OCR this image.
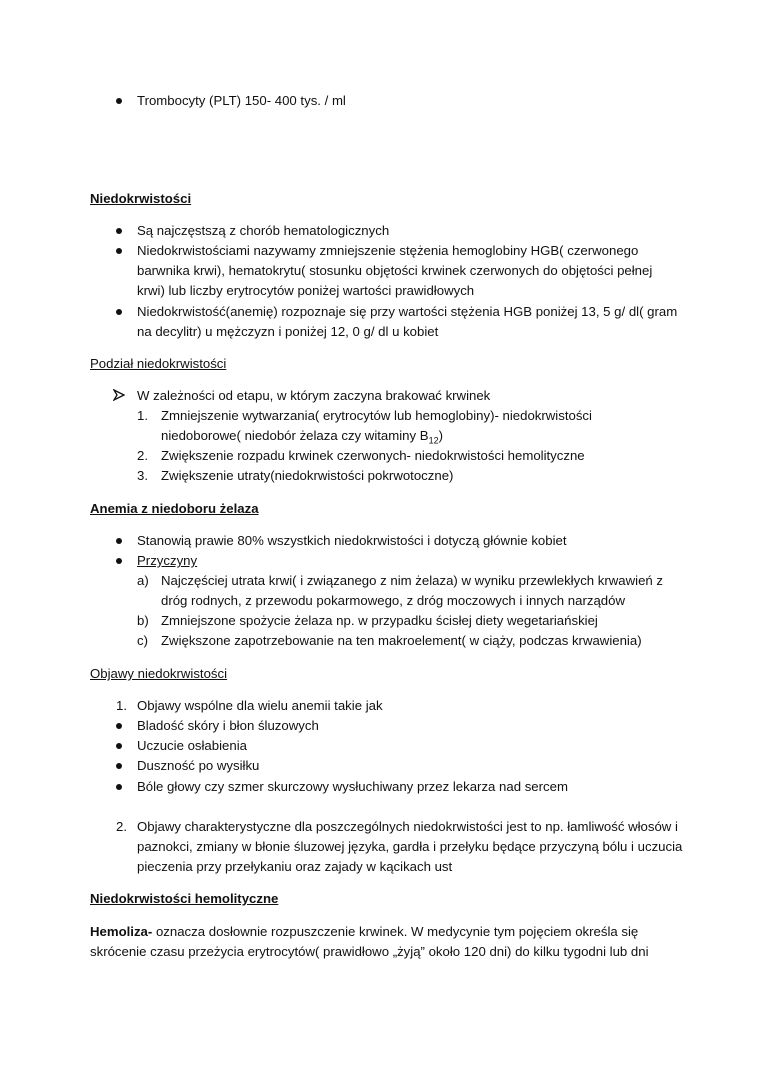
Trombocyty (PLT) 150- 400 tys. / ml
Niedokrwistości
Są najczęstszą z chorób hematologicznych
Niedokrwistościami nazywamy zmniejszenie stężenia hemoglobiny HGB( czerwonego
barwnika krwi), hematokrytu( stosunku objętości krwinek czerwonych do objętości pełnej
krwi) lub liczby erytrocytów poniżej wartości prawidłowych
Niedokrwistość(anemię) rozpoznaje się przy wartości stężenia HGB poniżej 13, 5 g/ dl( gram
na decylitr) u mężczyzn i poniżej 12, 0 g/ dl u kobiet
Podział niedokrwistości
W zależności od etapu, w którym zaczyna brakować krwinek
1. Zmniejszenie wytwarzania( erytrocytów lub hemoglobiny)- niedokrwistości
niedoborowe( niedobór żelaza czy witaminy $B_{12}$)
2. Zwiększenie rozpadu krwinek czerwonych- niedokrwistości hemolityczne
3. Zwiększenie utraty(niedokrwistości pokrwotoczne)
Anemia z niedoboru żelaza
Stanowią prawie 80% wszystkich niedokrwistości i dotyczą głównie kobiet
Przyczyny
a) Najczęściej utrata krwi( i związanego z nim żelaza) w wyniku przewlekłych krwawień z
dróg rodnych, z przewodu pokarmowego, z dróg moczowych i innych narządów
b) Zmniejszone spożycie żelaza np. w przypadku ścisłej diety wegetariańskiej
c) Zwiększone zapotrzebowanie na ten makroelement( w ciąży, podczas krwawienia)
Objawy niedokrwistości
1. Objawy wspólne dla wielu anemii takie jak
Bladość skóry i błon śluzowych
Uczucie osłabienia
Duszność po wysiłku
Bóle głowy czy szmer skurczowy wysłuchiwany przez lekarza nad sercem
2. Objawy charakterystyczne dla poszczególnych niedokrwistości jest to np. łamliwość włosów i
paznokci, zmiany w błonie śluzowej języka, gardła i przełyku będące przyczyną bólu i uczucia
pieczenia przy przełykaniu oraz zajady w kącikach ust
Niedokrwistości hemolityczne
Hemoliza- oznacza dosłownie rozpuszczenie krwinek. W medycynie tym pojęciem określa się
skrócenie czasu przeżycia erytrocytów( prawidłowo „żyją” około 120 dni) do kilku tygodni lub dni
